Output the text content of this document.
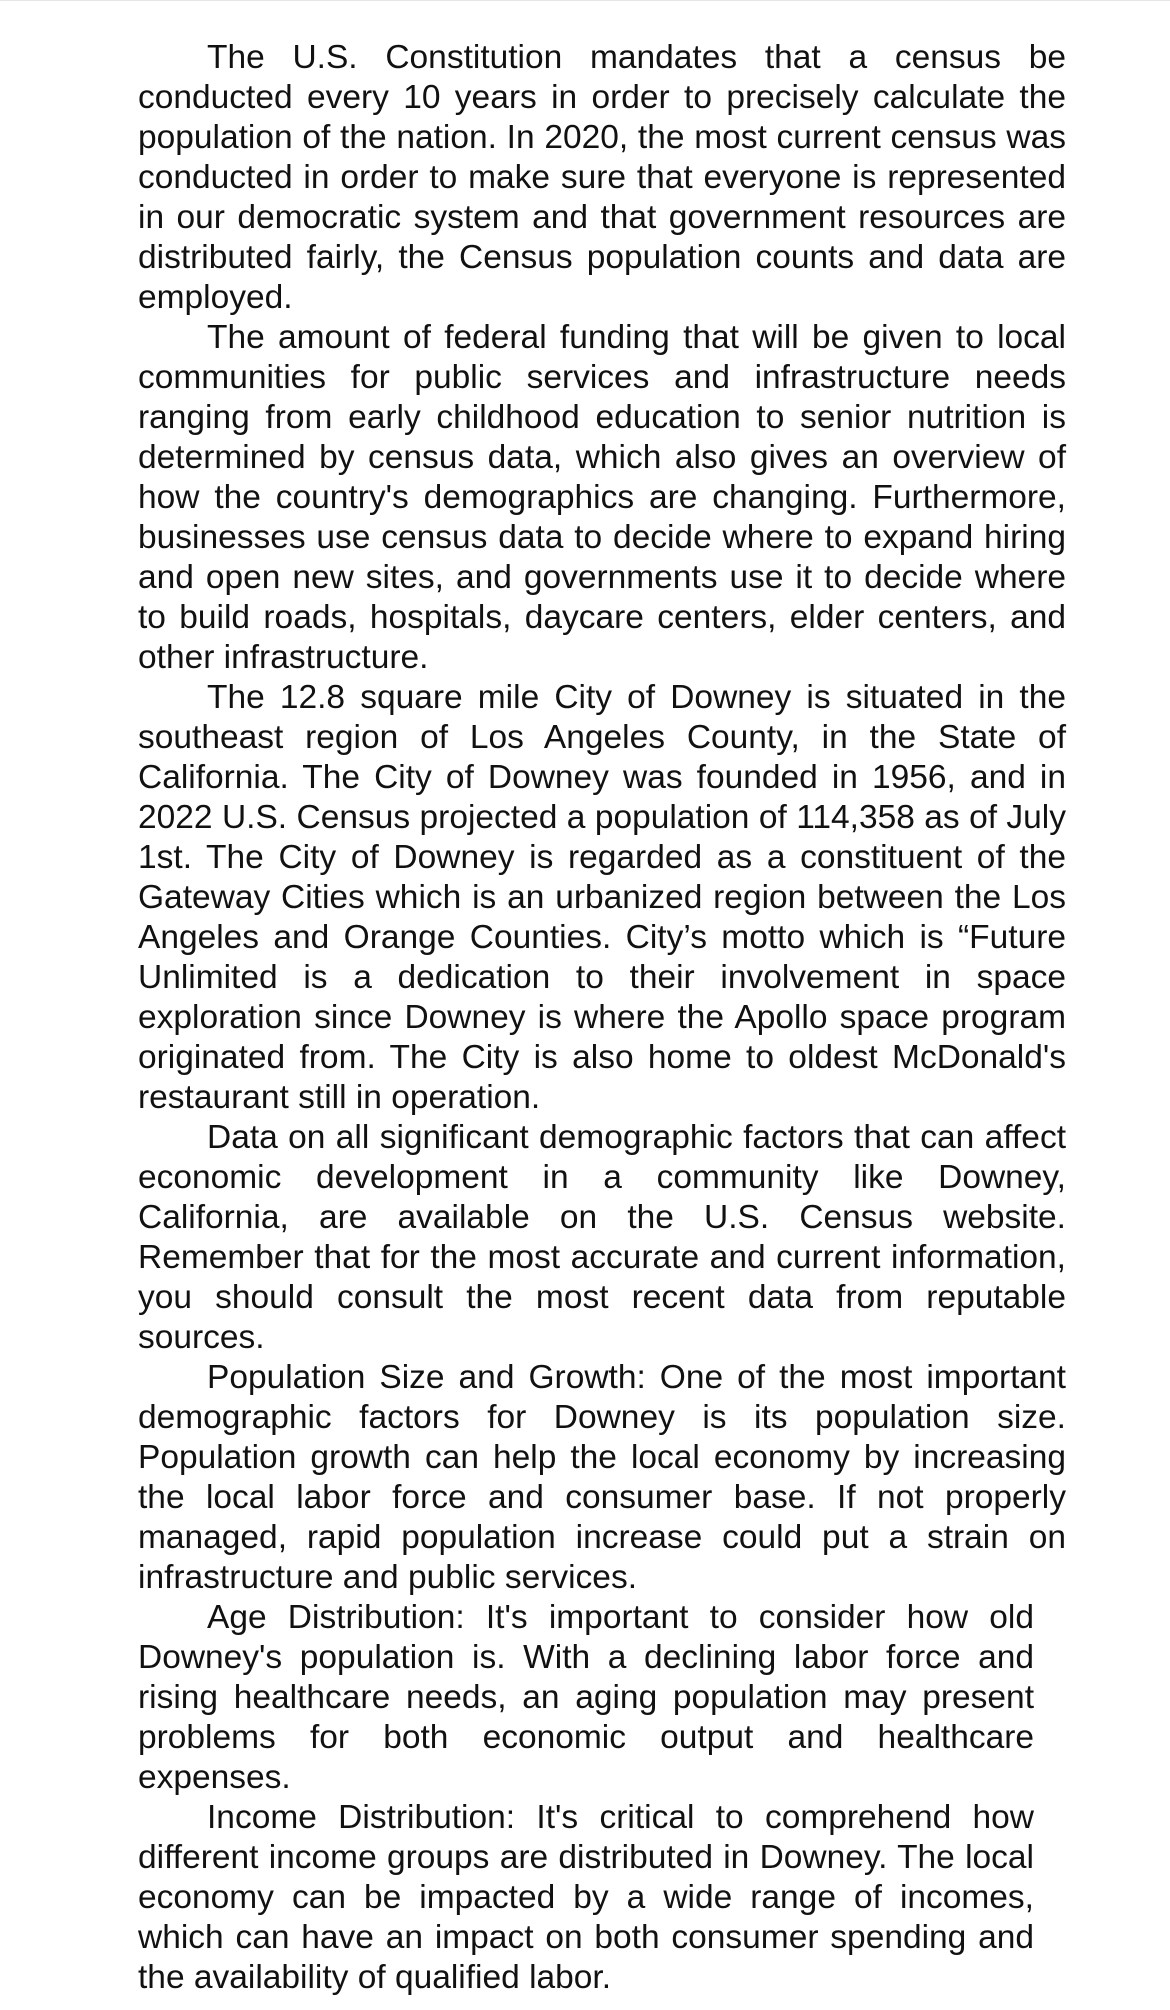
The U.S. Constitution mandates that a census be conducted every 10 years in order to precisely calculate the population of the nation. In 2020, the most current census was conducted in order to make sure that everyone is represented in our democratic system and that government resources are distributed fairly, the Census population counts and data are employed.

The amount of federal funding that will be given to local communities for public services and infrastructure needs ranging from early childhood education to senior nutrition is determined by census data, which also gives an overview of how the country's demographics are changing. Furthermore, businesses use census data to decide where to expand hiring and open new sites, and governments use it to decide where to build roads, hospitals, daycare centers, elder centers, and other infrastructure.

The 12.8 square mile City of Downey is situated in the southeast region of Los Angeles County, in the State of California. The City of Downey was founded in 1956, and in 2022 U.S. Census projected a population of 114,358 as of July 1st. The City of Downey is regarded as a constituent of the Gateway Cities which is an urbanized region between the Los Angeles and Orange Counties. City’s motto which is “Future Unlimited is a dedication to their involvement in space exploration since Downey is where the Apollo space program originated from. The City is also home to oldest McDonald's restaurant still in operation.

Data on all significant demographic factors that can affect economic development in a community like Downey, California, are available on the U.S. Census website. Remember that for the most accurate and current information, you should consult the most recent data from reputable sources.

Population Size and Growth: One of the most important demographic factors for Downey is its population size. Population growth can help the local economy by increasing the local labor force and consumer base. If not properly managed, rapid population increase could put a strain on infrastructure and public services.

Age Distribution: It's important to consider how old Downey's population is. With a declining labor force and rising healthcare needs, an aging population may present problems for both economic output and healthcare expenses.

Income Distribution: It's critical to comprehend how different income groups are distributed in Downey. The local economy can be impacted by a wide range of incomes, which can have an impact on both consumer spending and the availability of qualified labor.
